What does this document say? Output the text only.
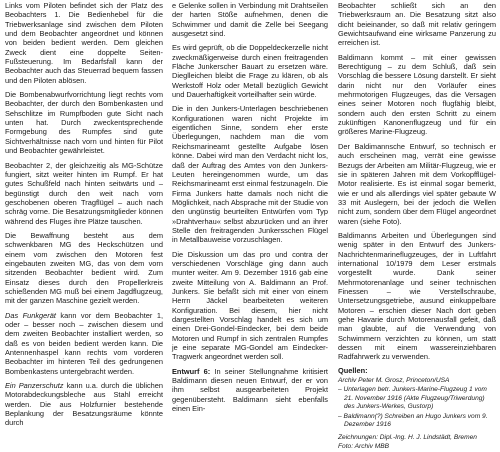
Links vom Piloten befindet sich der Platz des Beobachters 1. Die Bedienhebel für die Triebwerksanlage sind zwischen dem Piloten und dem Beobachter angeordnet und können von beiden bedient werden. Dem gleichen Zweck dient eine doppelte Seiten-Fußsteuerung. Im Bedarfsfall kann der Beobachter auch das Steuerrad bequem fassen und den Piloten ablösen.

Die Bombenabwurfvorrichtung liegt rechts vom Beobachter, der durch den Bombenkasten und Sehschlitze im Rumpfboden gute Sicht nach unten hat. Durch zweckentsprechende Formgebung des Rumpfes sind gute Sichtverhältnisse nach vorn und hinten für Pilot und Beobachter gewährleistet.

Beobachter 2, der gleichzeitig als MG-Schütze fungiert, sitzt weiter hinten im Rumpf. Er hat gutes Schußfeld nach hinten seitwärts und – begünstigt durch den weit nach vorn geschobenen oberen Tragflügel – auch nach schräg vorne. Die Besatzungsmitglieder können während des Fluges ihre Plätze tauschen.

Die Bewaffnung besteht aus dem schwenkbaren MG des Heckschützen und einem vom zwischen den Motoren fest eingebauten zweiten MG, das von dem vorn sitzenden Beobachter bedient wird. Zum Einsatz dieses durch den Propellerkreis schießenden MG muß bei einem Jagdflugzeug, mit der ganzen Maschine gezielt werden.

Das Funkgerät kann vor dem Beobachter 1, oder – besser noch – zwischen diesem und dem zweiten Beobachter installiert werden, so daß es von beiden bedient werden kann. Die Antennenhaspel kann rechts vom vorderen Beobachter im hinteren Teil des gedrungenen Bombenkastens untergebracht werden.

Ein Panzerschutz kann u.a. durch die üblichen Motorabdeckungsbleche aus Stahl erreicht werden. Die aus Holzfurnier bestehende Beplankung der Besatzungsräume könnte durch

e Gelenke sollen in Verbindung mit Drahtseilen der harten Stöße aufnehmen, denen die Schwimmer und damit die Zelle bei Seegang ausgesetzt sind.

Es wird geprüft, ob die Doppeldeckerzelle nicht zweckmäßigerweise durch einen freitragenden Fläche Junkerscher Bauart zu ersetzen wäre. Dieglleichen bleibt die Frage zu klären, ob als Werkstoff Holz oder Metall bezüglich Gewicht und Dauerhaftigkeit vorteilhafter sein würde.

Die in den Junkers-Unterlagen beschriebenen Konfigurationen waren nicht Projekte im eigentlichen Sinne, sondern eher erste Überlegungen, nachdem man die vom Reichsmarineamt gestellte Aufgabe lösen könne. Dabei wird man den Verdacht nicht los, daß der Auftrag des Amtes von den Junkers-Leuten hereingenommen wurde, um das Reichsmarineamt erst einmal festzunageln. Die Firma Junkers hatte damals noch nicht die Möglichkeit, nach Absprache mit der Studie von den ungünstig beurteilten Entwürfen vom Typ »Drahtverhau« selbst abzurücken und an ihrer Stelle den freitragenden Junkersschen Flügel in Metallbauweise vorzuschlagen.

Die Diskussion um das pro und contra der verschiedenen Vorschläge ging dann auch munter weiter. Am 9. Dezember 1916 gab eine zweite Mitteilung von A. Baldimann an Prof. Junkers. Sie befaßt sich mit einer von einem Herrn Jäckel bearbeiteten weiteren Konfiguration. Bei diesem, hier nicht dargestellten Vorschlag handelt es sich um einen Drei-Gondel-Eindecker, bei dem beide Motoren und Rumpf in sich zentralen Rumpfes je eine separate MG-Gondel am Eindecker-Tragwerk angeordnet werden soll.

Entwurf 6: In seiner Stellungnahme kritisiert Baldimann diesen neuen Entwurf, der er von ihm selbst ausgearbeiteten Projekt gegenübersteht. Baldimann sieht ebenfalls einen Ein-

Beobachter schließt sich an den Triebwerksraum an. Die Besatzung sitzt also dicht beieinander, so daß mit relativ geringem Gewichtsaufwand eine wirksame Panzerung zu erreichen ist.

Baldimann kommt – mit einer gewissen Berechtigung – zu dem Schluß, daß sein Vorschlag die bessere Lösung darstellt. Er sieht darin nicht nur den Vorläufer eines mehrmotorigen Flugzeuges, das die Versagen eines seiner Motoren noch flugfähig bleibt, sondern auch den ersten Schritt zu einem zukünftigen Kanonenflugzeug und für ein größeres Marine-Flugzeug.

Der Baldimannsche Entwurf, so technisch er auch erscheinen mag, verrät eine gewisse Bezugs der Arbeiten am Militär-Flugzeug, wie er sie in späteren Jahren mit dem Vorkopfflügel-Motor realisierte. Es ist einmal sogar bemerkt, wie er und als allerdings viel später gebaute W 33 mit Auslegern, bei der jedoch die Wellen nicht zum, sondern über dem Flügel angeordnet waren (siehe Foto).

Baldimanns Arbeiten und Überlegungen sind wenig später in den Entwurf des Junkers-Nachrichtenmarineflugzeuges, der in Luftfahrt international 10/1979 dem Leser erstmals vorgestellt wurde. Dank seiner Mehrmotorenanlage und seiner technischen Finessen – wie Verstellschraube, Untersetzungsgetriebe, ausund einkuppelbare Motoren – erschien dieser Nach dort geben gehe Havarie durch Motorenausfall gefeit, daß man glaubte, auf die Verwendung von Schwimmern verzichten zu können, um statt dessen mit einem wassereinziehbaren Radfahrwerk zu verwenden.

Quellen:
Archiv Peter M. Grosz, Princeton/USA
– Unterlagen betr. Junkers-Marine-Flugzeug 1 vom 21. November 1916 (Akte Flugzeug/Triwerdung) des Junkers-Werkes, Gustorp)
– Baldimann(?) Schreiben an Hugo Junkers vom 9. Dezember 1916
Zeichnungen: Dipl.-Ing. H. J. Lindstädt, Bremen
Foto: Archiv MBB
